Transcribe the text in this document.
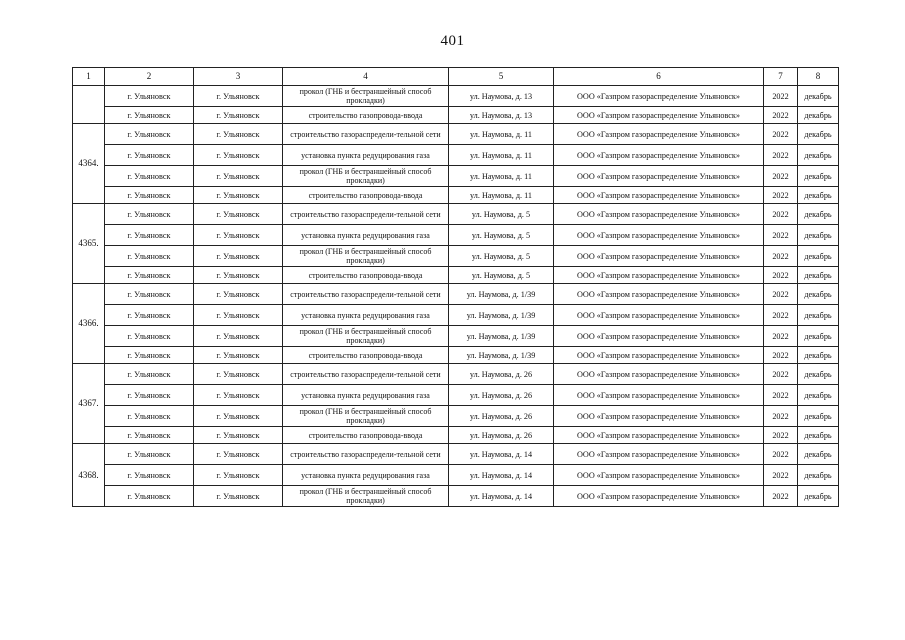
401
1	2	3	4	5	6	7	8
	г. Ульяновск	г. Ульяновск	прокол (ГНБ и бестраншейный способ прокладки)	ул. Наумова, д. 13	ООО «Газпром газораспределение Ульяновск»	2022	декабрь
	г. Ульяновск	г. Ульяновск	строительство газопровода-ввода	ул. Наумова, д. 13	ООО «Газпром газораспределение Ульяновск»	2022	декабрь
4364.	г. Ульяновск	г. Ульяновск	строительство газораспредели-тельной сети	ул. Наумова, д. 11	ООО «Газпром газораспределение Ульяновск»	2022	декабрь
	г. Ульяновск	г. Ульяновск	установка пункта редуцирования газа	ул. Наумова, д. 11	ООО «Газпром газораспределение Ульяновск»	2022	декабрь
	г. Ульяновск	г. Ульяновск	прокол (ГНБ и бестраншейный способ прокладки)	ул. Наумова, д. 11	ООО «Газпром газораспределение Ульяновск»	2022	декабрь
	г. Ульяновск	г. Ульяновск	строительство газопровода-ввода	ул. Наумова, д. 11	ООО «Газпром газораспределение Ульяновск»	2022	декабрь
4365.	г. Ульяновск	г. Ульяновск	строительство газораспредели-тельной сети	ул. Наумова, д. 5	ООО «Газпром газораспределение Ульяновск»	2022	декабрь
	г. Ульяновск	г. Ульяновск	установка пункта редуцирования газа	ул. Наумова, д. 5	ООО «Газпром газораспределение Ульяновск»	2022	декабрь
	г. Ульяновск	г. Ульяновск	прокол (ГНБ и бестраншейный способ прокладки)	ул. Наумова, д. 5	ООО «Газпром газораспределение Ульяновск»	2022	декабрь
	г. Ульяновск	г. Ульяновск	строительство газопровода-ввода	ул. Наумова, д. 5	ООО «Газпром газораспределение Ульяновск»	2022	декабрь
4366.	г. Ульяновск	г. Ульяновск	строительство газораспредели-тельной сети	ул. Наумова, д. 1/39	ООО «Газпром газораспределение Ульяновск»	2022	декабрь
	г. Ульяновск	г. Ульяновск	установка пункта редуцирования газа	ул. Наумова, д. 1/39	ООО «Газпром газораспределение Ульяновск»	2022	декабрь
	г. Ульяновск	г. Ульяновск	прокол (ГНБ и бестраншейный способ прокладки)	ул. Наумова, д. 1/39	ООО «Газпром газораспределение Ульяновск»	2022	декабрь
	г. Ульяновск	г. Ульяновск	строительство газопровода-ввода	ул. Наумова, д. 1/39	ООО «Газпром газораспределение Ульяновск»	2022	декабрь
4367.	г. Ульяновск	г. Ульяновск	строительство газораспредели-тельной сети	ул. Наумова, д. 26	ООО «Газпром газораспределение Ульяновск»	2022	декабрь
	г. Ульяновск	г. Ульяновск	установка пункта редуцирования газа	ул. Наумова, д. 26	ООО «Газпром газораспределение Ульяновск»	2022	декабрь
	г. Ульяновск	г. Ульяновск	прокол (ГНБ и бестраншейный способ прокладки)	ул. Наумова, д. 26	ООО «Газпром газораспределение Ульяновск»	2022	декабрь
	г. Ульяновск	г. Ульяновск	строительство газопровода-ввода	ул. Наумова, д. 26	ООО «Газпром газораспределение Ульяновск»	2022	декабрь
4368.	г. Ульяновск	г. Ульяновск	строительство газораспредели-тельной сети	ул. Наумова, д. 14	ООО «Газпром газораспределение Ульяновск»	2022	декабрь
	г. Ульяновск	г. Ульяновск	установка пункта редуцирования газа	ул. Наумова, д. 14	ООО «Газпром газораспределение Ульяновск»	2022	декабрь
	г. Ульяновск	г. Ульяновск	прокол (ГНБ и бестраншейный способ прокладки)	ул. Наумова, д. 14	ООО «Газпром газораспределение Ульяновск»	2022	декабрь
